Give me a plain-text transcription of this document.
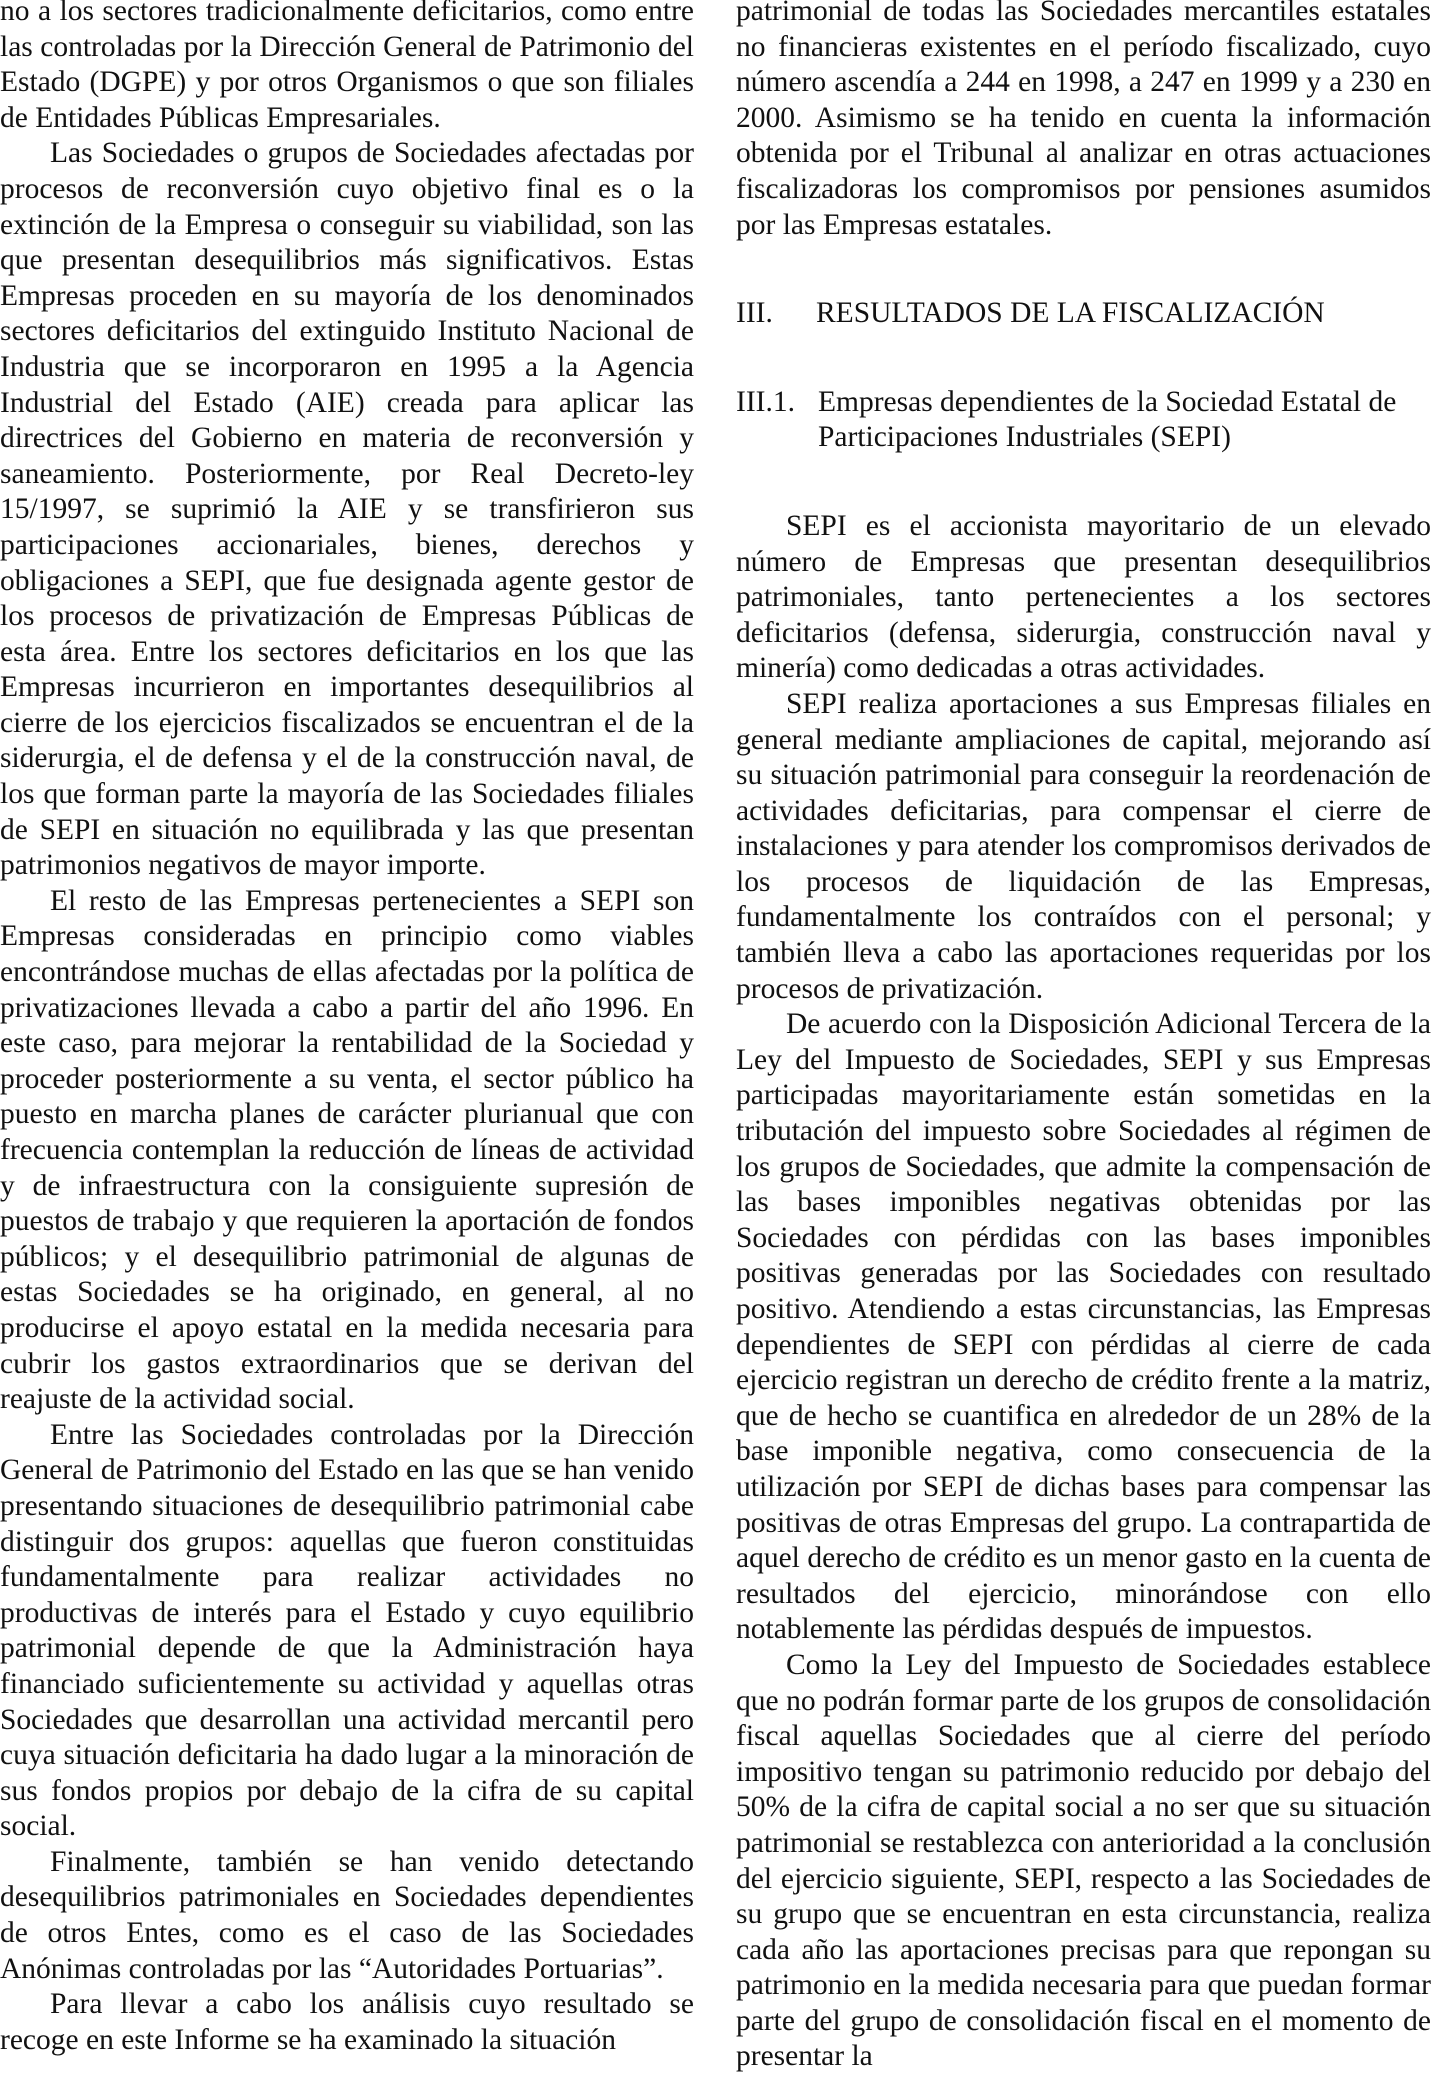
no a los sectores tradicionalmente deficitarios, como entre las controladas por la Dirección General de Patrimonio del Estado (DGPE) y por otros Organismos o que son filiales de Entidades Públicas Empresariales.

Las Sociedades o grupos de Sociedades afectadas por procesos de reconversión cuyo objetivo final es o la extinción de la Empresa o conseguir su viabilidad, son las que presentan desequilibrios más significativos. Estas Empresas proceden en su mayoría de los denominados sectores deficitarios del extinguido Instituto Nacional de Industria que se incorporaron en 1995 a la Agencia Industrial del Estado (AIE) creada para aplicar las directrices del Gobierno en materia de reconversión y saneamiento. Posteriormente, por Real Decreto-ley 15/1997, se suprimió la AIE y se transfirieron sus participaciones accionariales, bienes, derechos y obligaciones a SEPI, que fue designada agente gestor de los procesos de privatización de Empresas Públicas de esta área. Entre los sectores deficitarios en los que las Empresas incurrieron en importantes desequilibrios al cierre de los ejercicios fiscalizados se encuentran el de la siderurgia, el de defensa y el de la construcción naval, de los que forman parte la mayoría de las Sociedades filiales de SEPI en situación no equilibrada y las que presentan patrimonios negativos de mayor importe.

El resto de las Empresas pertenecientes a SEPI son Empresas consideradas en principio como viables encontrándose muchas de ellas afectadas por la política de privatizaciones llevada a cabo a partir del año 1996. En este caso, para mejorar la rentabilidad de la Sociedad y proceder posteriormente a su venta, el sector público ha puesto en marcha planes de carácter plurianual que con frecuencia contemplan la reducción de líneas de actividad y de infraestructura con la consiguiente supresión de puestos de trabajo y que requieren la aportación de fondos públicos; y el desequilibrio patrimonial de algunas de estas Sociedades se ha originado, en general, al no producirse el apoyo estatal en la medida necesaria para cubrir los gastos extraordinarios que se derivan del reajuste de la actividad social.

Entre las Sociedades controladas por la Dirección General de Patrimonio del Estado en las que se han venido presentando situaciones de desequilibrio patrimonial cabe distinguir dos grupos: aquellas que fueron constituidas fundamentalmente para realizar actividades no productivas de interés para el Estado y cuyo equilibrio patrimonial depende de que la Administración haya financiado suficientemente su actividad y aquellas otras Sociedades que desarrollan una actividad mercantil pero cuya situación deficitaria ha dado lugar a la minoración de sus fondos propios por debajo de la cifra de su capital social.

Finalmente, también se han venido detectando desequilibrios patrimoniales en Sociedades dependientes de otros Entes, como es el caso de las Sociedades Anónimas controladas por las “Autoridades Portuarias”.

Para llevar a cabo los análisis cuyo resultado se recoge en este Informe se ha examinado la situación

patrimonial de todas las Sociedades mercantiles estatales no financieras existentes en el período fiscalizado, cuyo número ascendía a 244 en 1998, a 247 en 1999 y a 230 en 2000. Asimismo se ha tenido en cuenta la información obtenida por el Tribunal al analizar en otras actuaciones fiscalizadoras los compromisos por pensiones asumidos por las Empresas estatales.

III.	RESULTADOS DE LA FISCALIZACIÓN
III.1. Empresas dependientes de la Sociedad Estatal de Participaciones Industriales (SEPI)

SEPI es el accionista mayoritario de un elevado número de Empresas que presentan desequilibrios patrimoniales, tanto pertenecientes a los sectores deficitarios (defensa, siderurgia, construcción naval y minería) como dedicadas a otras actividades.

SEPI realiza aportaciones a sus Empresas filiales en general mediante ampliaciones de capital, mejorando así su situación patrimonial para conseguir la reordenación de actividades deficitarias, para compensar el cierre de instalaciones y para atender los compromisos derivados de los procesos de liquidación de las Empresas, fundamentalmente los contraídos con el personal; y también lleva a cabo las aportaciones requeridas por los procesos de privatización.

De acuerdo con la Disposición Adicional Tercera de la Ley del Impuesto de Sociedades, SEPI y sus Empresas participadas mayoritariamente están sometidas en la tributación del impuesto sobre Sociedades al régimen de los grupos de Sociedades, que admite la compensación de las bases imponibles negativas obtenidas por las Sociedades con pérdidas con las bases imponibles positivas generadas por las Sociedades con resultado positivo. Atendiendo a estas circunstancias, las Empresas dependientes de SEPI con pérdidas al cierre de cada ejercicio registran un derecho de crédito frente a la matriz, que de hecho se cuantifica en alrededor de un 28% de la base imponible negativa, como consecuencia de la utilización por SEPI de dichas bases para compensar las positivas de otras Empresas del grupo. La contrapartida de aquel derecho de crédito es un menor gasto en la cuenta de resultados del ejercicio, minorándose con ello notablemente las pérdidas después de impuestos.

Como la Ley del Impuesto de Sociedades establece que no podrán formar parte de los grupos de consolidación fiscal aquellas Sociedades que al cierre del período impositivo tengan su patrimonio reducido por debajo del 50% de la cifra de capital social a no ser que su situación patrimonial se restablezca con anterioridad a la conclusión del ejercicio siguiente, SEPI, respecto a las Sociedades de su grupo que se encuentran en esta circunstancia, realiza cada año las aportaciones precisas para que repongan su patrimonio en la medida necesaria para que puedan formar parte del grupo de consolidación fiscal en el momento de presentar la
